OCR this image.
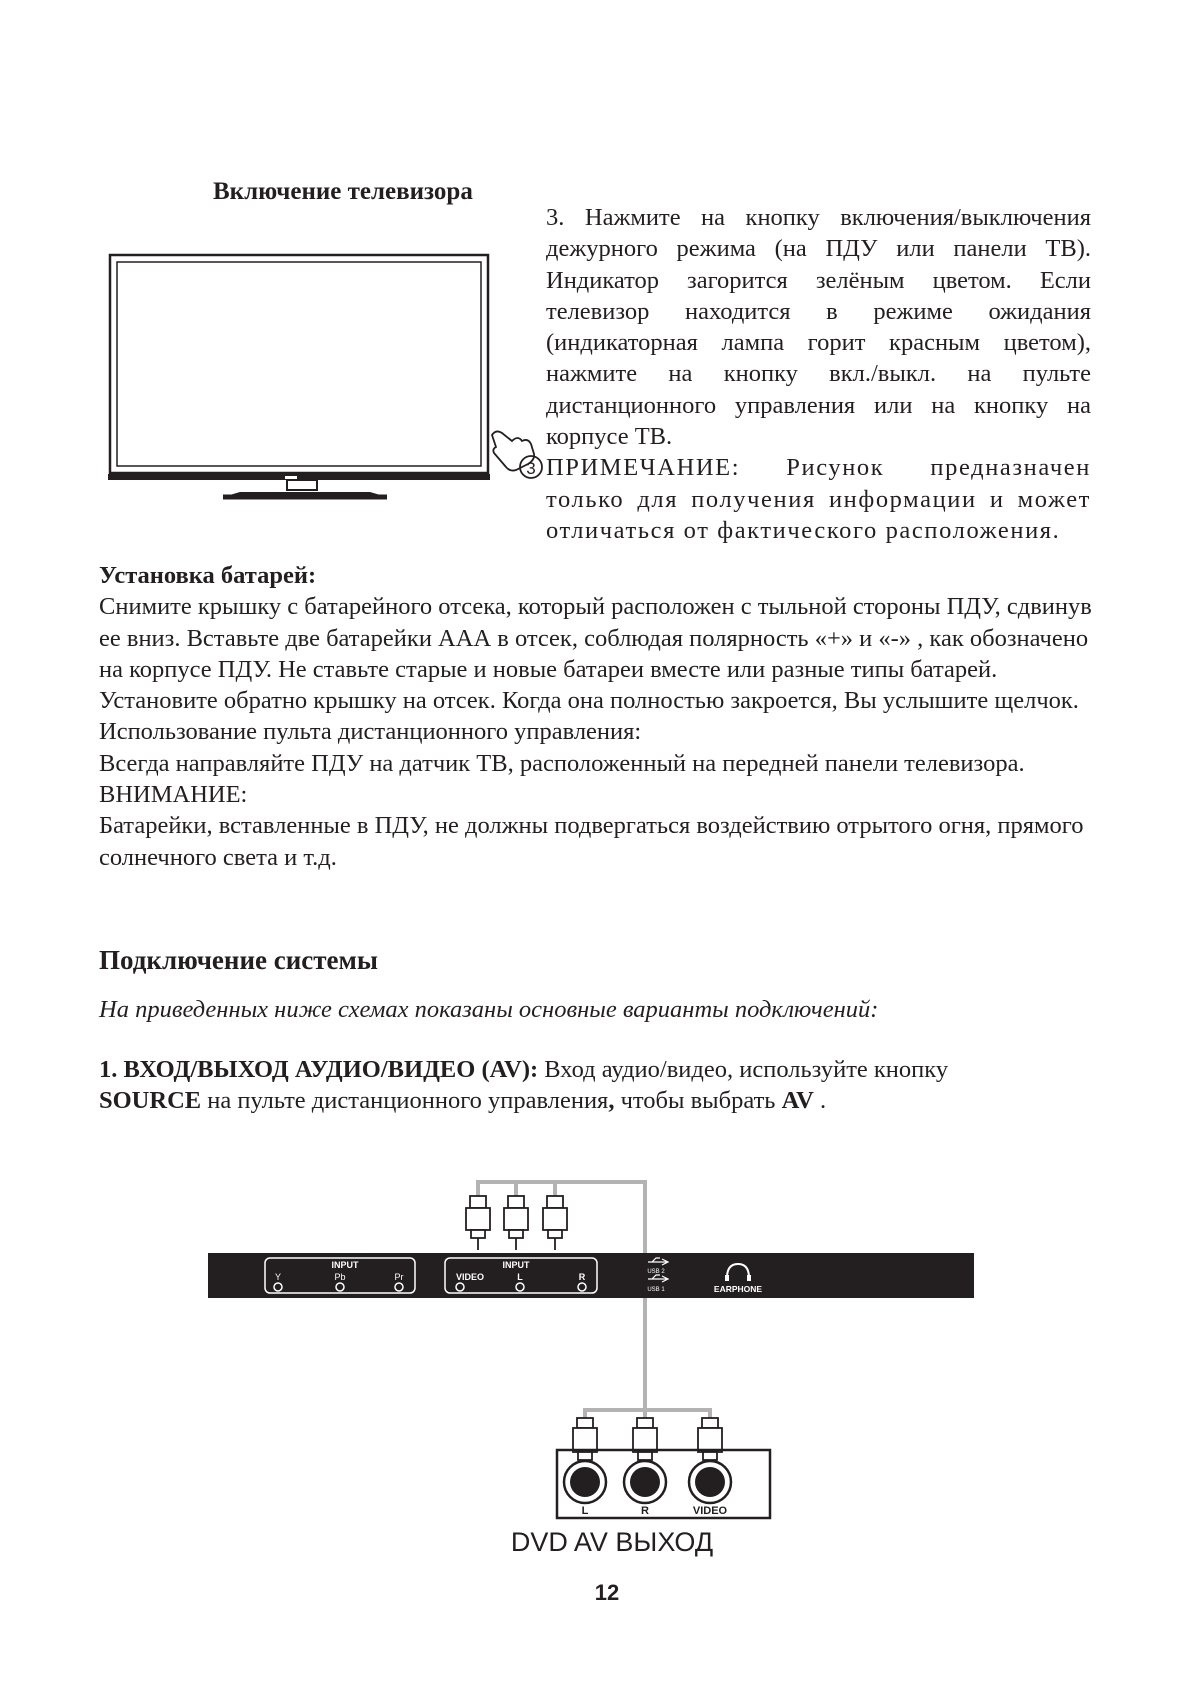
3
Включение телевизора

3. Нажмите на кнопку включения/выключения дежурного режима (на ПДУ или панели ТВ). Индикатор загорится зелёным цветом. Если телевизор находится в режиме ожидания (индикаторная лампа горит красным цветом), нажмите на кнопку вкл./выкл. на пульте дистанционного управления или на кнопку на корпусе ТВ.

ПРИМЕЧАНИЕ: Рисунок предназначен только для получения информации и может отличаться от фактического расположения.

Установка батарей:

Снимите крышку с батарейного отсека, который расположен с тыльной стороны ПДУ, сдвинув ее вниз. Вставьте две батарейки ААА в отсек, соблюдая полярность «+» и «-» , как обозначено на корпусе ПДУ. Не ставьте старые и новые батареи вместе или разные типы батарей. Установите обратно крышку на отсек. Когда она полностью закроется, Вы услышите щелчок.

Использование пульта дистанционного управления:

Всегда направляйте ПДУ на датчик ТВ, расположенный на передней панели телевизора.

ВНИМАНИЕ:

Батарейки, вставленные в ПДУ, не должны подвергаться воздействию отрытого огня, прямого солнечного света и т.д.

Подключение системы
На приведенных ниже схемах показаны основные варианты подключений:

1. ВХОД/ВЫХОД АУДИО/ВИДЕО (AV): Вход аудио/видео, используйте кнопку
SOURCE на пульте дистанционного управления, чтобы выбрать AV .

INPUT
Y	Pb	Pr
INPUT
VIDEO	L	R	USB 2
USB 1	EARPHONE
L	R	VIDEO
DVD AV ВЫХОД
12
